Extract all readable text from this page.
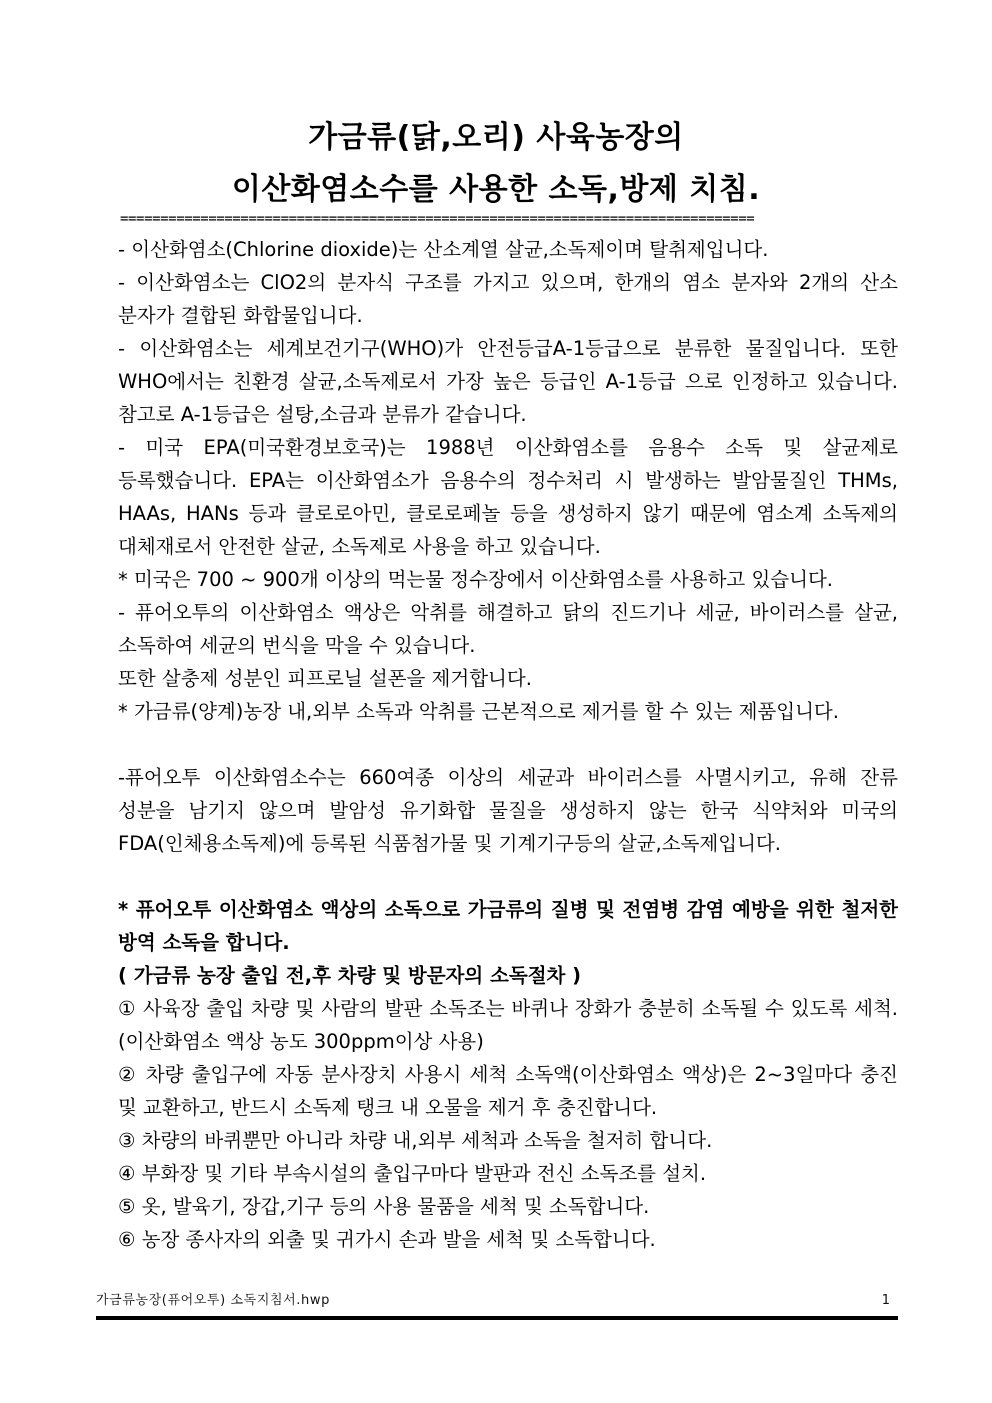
가금류(닭,오리) 사육농장의
이산화염소수를 사용한 소독,방제 치침.
===============================================================================

- 이산화염소(Chlorine dioxide)는 산소계열 살균,소독제이며 탈취제입니다.

- 이산화염소는 ClO2의 분자식 구조를 가지고 있으며, 한개의 염소 분자와 2개의 산소 분자가 결합된 화합물입니다.

- 이산화염소는 세계보건기구(WHO)가 안전등급A-1등급으로 분류한 물질입니다. 또한 WHO에서는 친환경 살균,소독제로서 가장 높은 등급인 A-1등급 으로 인정하고 있습니다. 참고로 A-1등급은 설탕,소금과 분류가 같습니다.

- 미국 EPA(미국환경보호국)는 1988년 이산화염소를 음용수 소독 및 살균제로 등록했습니다. EPA는 이산화염소가 음용수의 정수처리 시 발생하는 발암물질인 THMs, HAAs, HANs 등과 클로로아민, 클로로페놀 등을 생성하지 않기 때문에 염소계 소독제의 대체재로서 안전한 살균, 소독제로 사용을 하고 있습니다.

* 미국은 700 ~ 900개 이상의 먹는물 정수장에서 이산화염소를 사용하고 있습니다.

- 퓨어오투의 이산화염소 액상은 악취를 해결하고 닭의 진드기나 세균, 바이러스를 살균,소독하여 세균의 번식을 막을 수 있습니다.

또한 살충제 성분인 피프로닐 설폰을 제거합니다.

* 가금류(양계)농장 내,외부 소독과 악취를 근본적으로 제거를 할 수 있는 제품입니다.

-퓨어오투 이산화염소수는 660여종 이상의 세균과 바이러스를 사멸시키고, 유해 잔류 성분을 남기지 않으며 발암성 유기화합 물질을 생성하지 않는 한국 식약처와 미국의 FDA(인체용소독제)에 등록된 식품첨가물 및 기계기구등의 살균,소독제입니다.

* 퓨어오투 이산화염소 액상의 소독으로 가금류의 질병 및 전염병 감염 예방을 위한 철저한 방역 소독을 합니다.

( 가금류 농장 출입 전,후 차량 및 방문자의 소독절차 )

① 사육장 출입 차량 및 사람의 발판 소독조는 바퀴나 장화가 충분히 소독될 수 있도록 세척. (이산화염소 액상 농도 300ppm이상 사용)

② 차량 출입구에 자동 분사장치 사용시 세척 소독액(이산화염소 액상)은 2~3일마다 충진 및 교환하고, 반드시 소독제 탱크 내 오물을 제거 후 충진합니다.

③ 차량의 바퀴뿐만 아니라 차량 내,외부 세척과 소독을 철저히 합니다.

④ 부화장 및 기타 부속시설의 출입구마다 발판과 전신 소독조를 설치.

⑤ 옷, 발육기, 장갑,기구 등의 사용 물품을 세척 및 소독합니다.

⑥ 농장 종사자의 외출 및 귀가시 손과 발을 세척 및 소독합니다.

가금류농장(퓨어오투) 소독지침서.hwp	1
